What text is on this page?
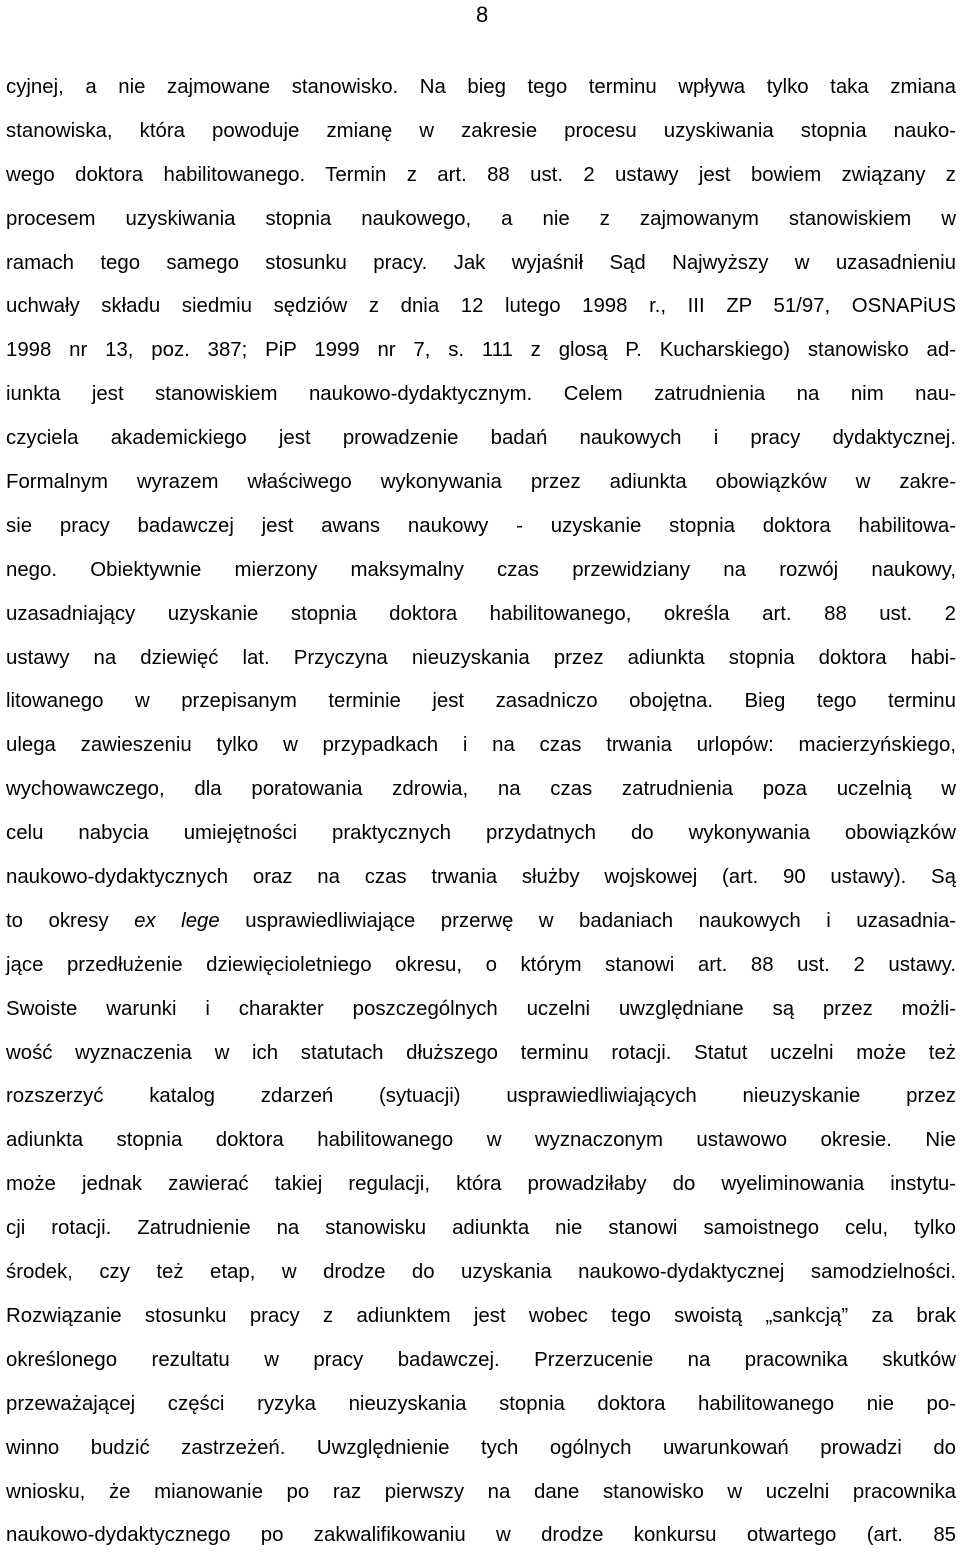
8
cyjnej, a nie zajmowane stanowisko. Na bieg tego terminu wpływa tylko taka zmiana
stanowiska, która powoduje zmianę w zakresie procesu uzyskiwania stopnia nauko-
wego doktora habilitowanego. Termin z art. 88 ust. 2 ustawy jest bowiem związany z
procesem uzyskiwania stopnia naukowego, a nie z zajmowanym stanowiskiem w
ramach tego samego stosunku pracy. Jak wyjaśnił Sąd Najwyższy w uzasadnieniu
uchwały składu siedmiu sędziów z dnia 12 lutego 1998 r., III ZP 51/97, OSNAPiUS
1998 nr 13, poz. 387; PiP 1999 nr 7, s. 111 z glosą P. Kucharskiego) stanowisko ad-
iunkta jest stanowiskiem naukowo-dydaktycznym. Celem zatrudnienia na nim nau-
czyciela akademickiego jest prowadzenie badań naukowych i pracy dydaktycznej.
Formalnym wyrazem właściwego wykonywania przez adiunkta obowiązków w zakre-
sie pracy badawczej jest awans naukowy - uzyskanie stopnia doktora habilitowa-
nego. Obiektywnie mierzony maksymalny czas przewidziany na rozwój naukowy,
uzasadniający uzyskanie stopnia doktora habilitowanego, określa art. 88 ust. 2
ustawy na dziewięć lat. Przyczyna nieuzyskania przez adiunkta stopnia doktora habi-
litowanego w przepisanym terminie jest zasadniczo obojętna. Bieg tego terminu
ulega zawieszeniu tylko w przypadkach i na czas trwania urlopów: macierzyńskiego,
wychowawczego, dla poratowania zdrowia, na czas zatrudnienia poza uczelnią w
celu nabycia umiejętności praktycznych przydatnych do wykonywania obowiązków
naukowo-dydaktycznych oraz na czas trwania służby wojskowej (art. 90 ustawy). Są
to okresy ex lege usprawiedliwiające przerwę w badaniach naukowych i uzasadnia-
jące przedłużenie dziewięcioletniego okresu, o którym stanowi art. 88 ust. 2 ustawy.
Swoiste warunki i charakter poszczególnych uczelni uwzględniane są przez możli-
wość wyznaczenia w ich statutach dłuższego terminu rotacji. Statut uczelni może też
rozszerzyć katalog zdarzeń (sytuacji) usprawiedliwiających nieuzyskanie przez
adiunkta stopnia doktora habilitowanego w wyznaczonym ustawowo okresie. Nie
może jednak zawierać takiej regulacji, która prowadziłaby do wyeliminowania instytu-
cji rotacji. Zatrudnienie na stanowisku adiunkta nie stanowi samoistnego celu, tylko
środek, czy też etap, w drodze do uzyskania naukowo-dydaktycznej samodzielności.
Rozwiązanie stosunku pracy z adiunktem jest wobec tego swoistą „sankcją” za brak
określonego rezultatu w pracy badawczej. Przerzucenie na pracownika skutków
przeważającej części ryzyka nieuzyskania stopnia doktora habilitowanego nie po-
winno budzić zastrzeżeń. Uwzględnienie tych ogólnych uwarunkowań prowadzi do
wniosku, że mianowanie po raz pierwszy na dane stanowisko w uczelni pracownika
naukowo-dydaktycznego po zakwalifikowaniu w drodze konkursu otwartego (art. 85
